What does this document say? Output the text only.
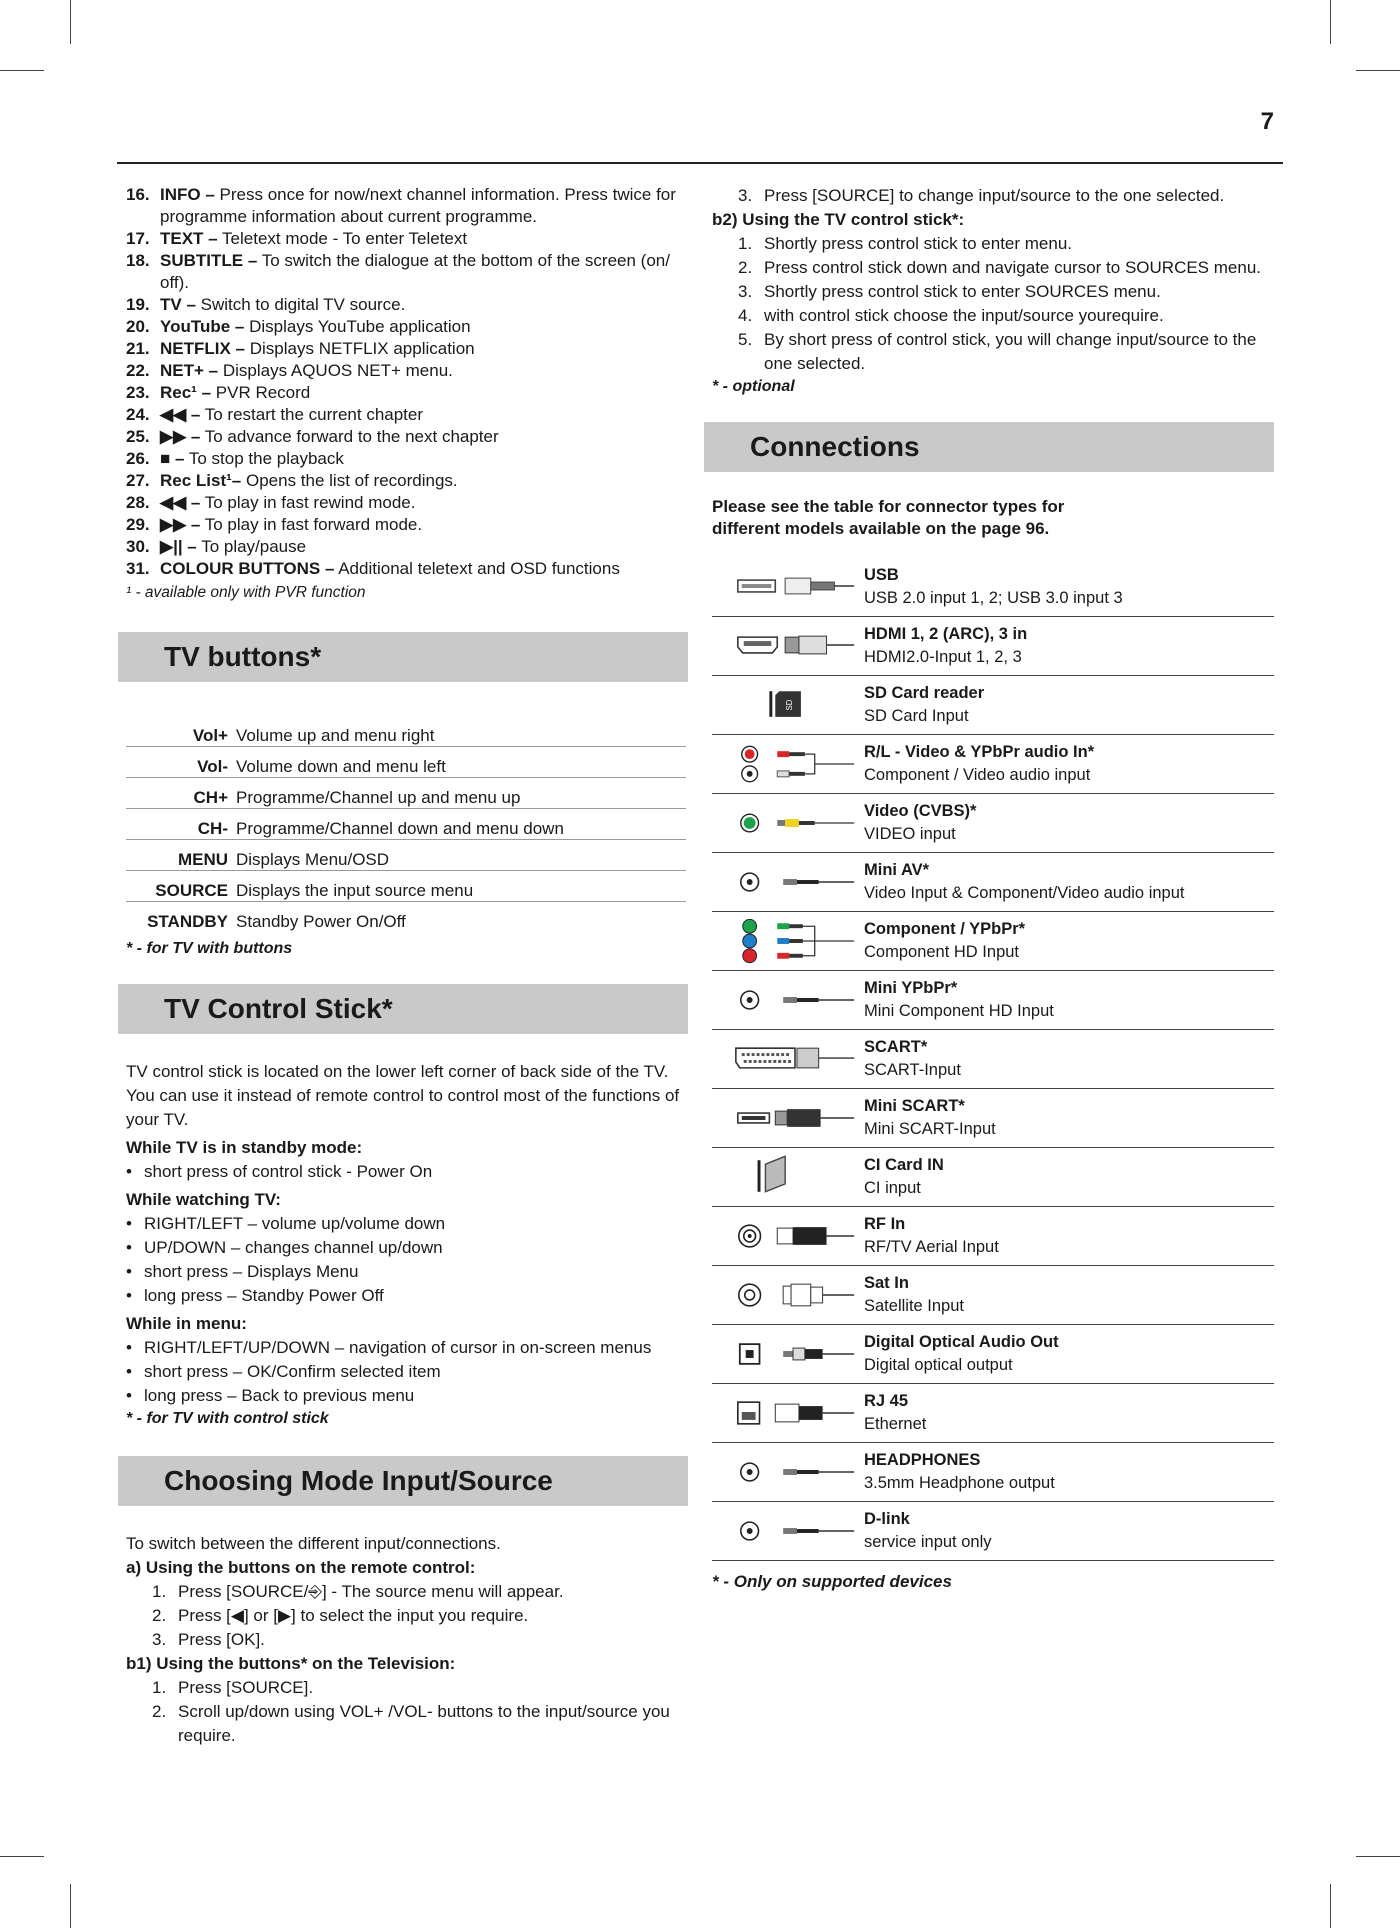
7
16. INFO – Press once for now/next channel information. Press twice for programme information about current programme.
17. TEXT – Teletext mode - To enter Teletext
18. SUBTITLE – To switch the dialogue at the bottom of the screen (on/ off).
19. TV – Switch to digital TV source.
20. YouTube – Displays YouTube application
21. NETFLIX – Displays NETFLIX application
22. NET+ – Displays AQUOS NET+ menu.
23. Rec¹ – PVR Record
24. ◀◀ – To restart the current chapter
25. ▶▶ – To advance forward to the next chapter
26. ■ – To stop the playback
27. Rec List¹– Opens the list of recordings.
28. ◀◀ – To play in fast rewind mode.
29. ▶▶ – To play in fast forward mode.
30. ▶|| – To play/pause
31. COLOUR BUTTONS – Additional teletext and OSD functions
¹ - available only with PVR function
TV buttons*
Vol+	Volume up and menu right
Vol-	Volume down and menu left
CH+	Programme/Channel up and menu up
CH-	Programme/Channel down and menu down
MENU	Displays Menu/OSD
SOURCE	Displays the input source menu
STANDBY	Standby Power On/Off
* - for TV with buttons
TV Control Stick*

TV control stick is located on the lower left corner of back side of the TV. You can use it instead of remote control to control most of the functions of your TV.

While TV is in standby mode:
• short press of control stick - Power On
While watching TV:
• RIGHT/LEFT – volume up/volume down
• UP/DOWN – changes channel up/down
• short press – Displays Menu
• long press – Standby Power Off
While in menu:
• RIGHT/LEFT/UP/DOWN – navigation of cursor in on-screen menus
• short press – OK/Confirm selected item
• long press – Back to previous menu
* - for TV with control stick
Choosing Mode Input/Source

To switch between the different input/connections.

a) Using the buttons on the remote control:
1. Press [SOURCE/⎆] - The source menu will appear.
2. Press [◀] or [▶] to select the input you require.
3. Press [OK].
b1) Using the buttons* on the Television:
1. Press [SOURCE].
2. Scroll up/down using VOL+ /VOL- buttons to the input/source you require.
3. Press [SOURCE] to change input/source to the one selected.
b2) Using the TV control stick*:
1. Shortly press control stick to enter menu.
2. Press control stick down and navigate cursor to SOURCES menu.
3. Shortly press control stick to enter SOURCES menu.
4. with control stick choose the input/source yourequire.
5. By short press of control stick, you will change input/source to the one selected.
* - optional
Connections
Please see the table for connector types for different models available on the page 96.
USB
USB 2.0 input 1, 2; USB 3.0 input 3
HDMI 1, 2 (ARC), 3 in
HDMI2.0-Input 1, 2, 3
SD
SD Card reader
SD Card Input
R/L - Video & YPbPr audio In*
Component / Video audio input
Video (CVBS)*
VIDEO input
Mini AV*
Video Input & Component/Video audio input
Component / YPbPr*
Component HD Input
Mini YPbPr*
Mini Component HD Input
SCART*
SCART-Input
Mini SCART*
Mini SCART-Input
CI Card IN
CI input
RF In
RF/TV Aerial Input
Sat In
Satellite Input
Digital Optical Audio Out
Digital optical output
RJ 45
Ethernet
HEADPHONES
3.5mm Headphone output
D-link
service input only
* - Only on supported devices
